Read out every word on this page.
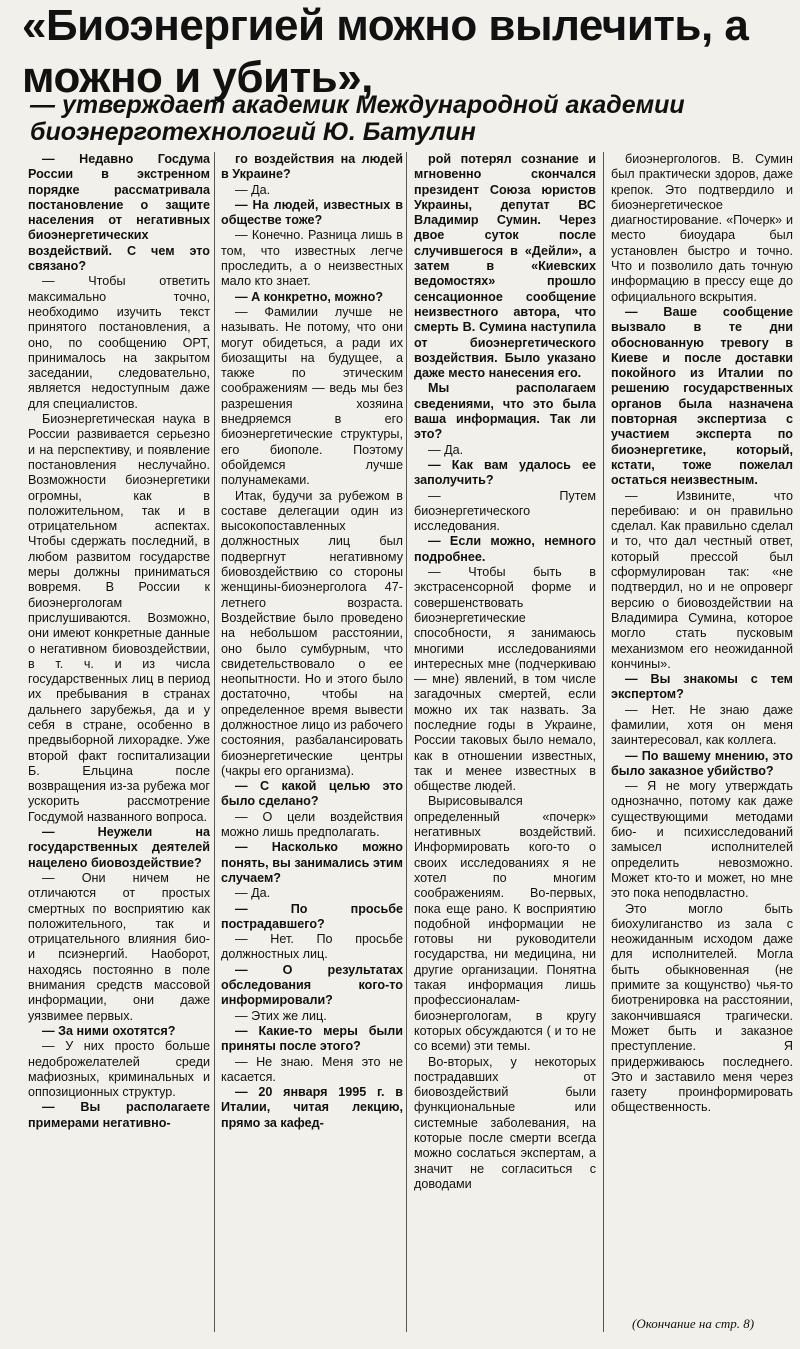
«Биоэнергией можно вылечить, а можно и убить»,
— утверждает академик Международной академии биоэнерготехнологий Ю. Батулин

— Недавно Госдума России в экстренном порядке рассматривала постановление о защите населения от негативных биоэнергетических воздействий. С чем это связано?

— Чтобы ответить максимально точно, необходимо изучить текст принятого постановления, а оно, по сообщению ОРТ, принималось на закрытом заседании, следовательно, является недоступным даже для специалистов.

Биоэнергетическая наука в России развивается серьезно и на перспективу, и появление постановления неслучайно. Возможности биоэнергетики огромны, как в положительном, так и в отрицательном аспектах. Чтобы сдержать последний, в любом развитом государстве меры должны приниматься вовремя. В России к биоэнергологам прислушиваются. Возможно, они имеют конкретные данные о негативном биовоздействии, в т. ч. и из числа государственных лиц в период их пребывания в странах дальнего зарубежья, да и у себя в стране, особенно в предвыборной лихорадке. Уже второй факт госпитализации Б. Ельцина после возвращения из-за рубежа мог ускорить рассмотрение Госдумой названного вопроса.

— Неужели на государственных деятелей нацелено биовоздействие?

— Они ничем не отличаются от простых смертных по восприятию как положительного, так и отрицательного влияния био- и псиэнергий. Наоборот, находясь постоянно в поле внимания средств массовой информации, они даже уязвимее первых.

— За ними охотятся?

— У них просто больше недоброжелателей среди мафиозных, криминальных и оппозиционных структур.

— Вы располагаете примерами негативно-

го воздействия на людей в Украине?

— Да.

— На людей, известных в обществе тоже?

— Конечно. Разница лишь в том, что известных легче проследить, а о неизвестных мало кто знает.

— А конкретно, можно?

— Фамилии лучше не называть. Не потому, что они могут обидеться, а ради их биозащиты на будущее, а также по этическим соображениям — ведь мы без разрешения хозяина внедряемся в его биоэнергетические структуры, его биополе. Поэтому обойдемся лучше полунамеками.

Итак, будучи за рубежом в составе делегации один из высокопоставленных должностных лиц был подвергнут негативному биовоздействию со стороны женщины-биоэнерголога 47-летнего возраста. Воздействие было проведено на небольшом расстоянии, оно было сумбурным, что свидетельствовало о ее неопытности. Но и этого было достаточно, чтобы на определенное время вывести должностное лицо из рабочего состояния, разбалансировать биоэнергетические центры (чакры его организма).

— С какой целью это было сделано?

— О цели воздействия можно лишь предполагать.

— Насколько можно понять, вы занимались этим случаем?

— Да.

— По просьбе пострадавшего?

— Нет. По просьбе должностных лиц.

— О результатах обследования кого-то информировали?

— Этих же лиц.

— Какие-то меры были приняты после этого?

— Не знаю. Меня это не касается.

— 20 января 1995 г. в Италии, читая лекцию, прямо за кафед-

рой потерял сознание и мгновенно скончался президент Союза юристов Украины, депутат ВС Владимир Сумин. Через двое суток после случившегося в «Дейли», а затем в «Киевских ведомостях» прошло сенсационное сообщение неизвестного автора, что смерть В. Сумина наступила от биоэнергетического воздействия. Было указано даже место нанесения его.

Мы располагаем сведениями, что это была ваша информация. Так ли это?

— Да.

— Как вам удалось ее заполучить?

— Путем биоэнергетического исследования.

— Если можно, немного подробнее.

— Чтобы быть в экстрасенсорной форме и совершенствовать биоэнергетические способности, я занимаюсь многими исследованиями интересных мне (подчеркиваю — мне) явлений, в том числе загадочных смертей, если можно их так назвать. За последние годы в Украине, России таковых было немало, как в отношении известных, так и менее известных в обществе людей.

Вырисовывался определенный «почерк» негативных воздействий. Информировать кого-то о своих исследованиях я не хотел по многим соображениям. Во-первых, пока еще рано. К восприятию подобной информации не готовы ни руководители государства, ни медицина, ни другие организации. Понятна такая информация лишь профессионалам-биоэнергологам, в кругу которых обсуждаются ( и то не со всеми) эти темы.

Во-вторых, у некоторых пострадавших от биовоздействий были функциональные или системные заболевания, на которые после смерти всегда можно сослаться экспертам, а значит не согласиться с доводами

биоэнергологов. В. Сумин был практически здоров, даже крепок. Это подтвердило и биоэнергетическое диагностирование. «Почерк» и место биоудара был установлен быстро и точно. Что и позволило дать точную информацию в прессу еще до официального вскрытия.

— Ваше сообщение вызвало в те дни обоснованную тревогу в Киеве и после доставки покойного из Италии по решению государственных органов была назначена повторная экспертиза с участием эксперта по биоэнергетике, который, кстати, тоже пожелал остаться неизвестным.

— Извините, что перебиваю: и он правильно сделал. Как правильно сделал и то, что дал честный ответ, который прессой был сформулирован так: «не подтвердил, но и не опроверг версию о биовоздействии на Владимира Сумина, которое могло стать пусковым механизмом его неожиданной кончины».

— Вы знакомы с тем экспертом?

— Нет. Не знаю даже фамилии, хотя он меня заинтересовал, как коллега.

— По вашему мнению, это было заказное убийство?

— Я не могу утверждать однозначно, потому как даже существующими методами био- и психисследований замысел исполнителей определить невозможно. Может кто-то и может, но мне это пока неподвластно.

Это могло быть биохулиганство из зала с неожиданным исходом даже для исполнителей. Могла быть обыкновенная (не примите за кощунство) чья-то биотренировка на расстоянии, закончившаяся трагически. Может быть и заказное преступление. Я придерживаюсь последнего. Это и заставило меня через газету проинформировать общественность.

(Окончание на стр. 8)
